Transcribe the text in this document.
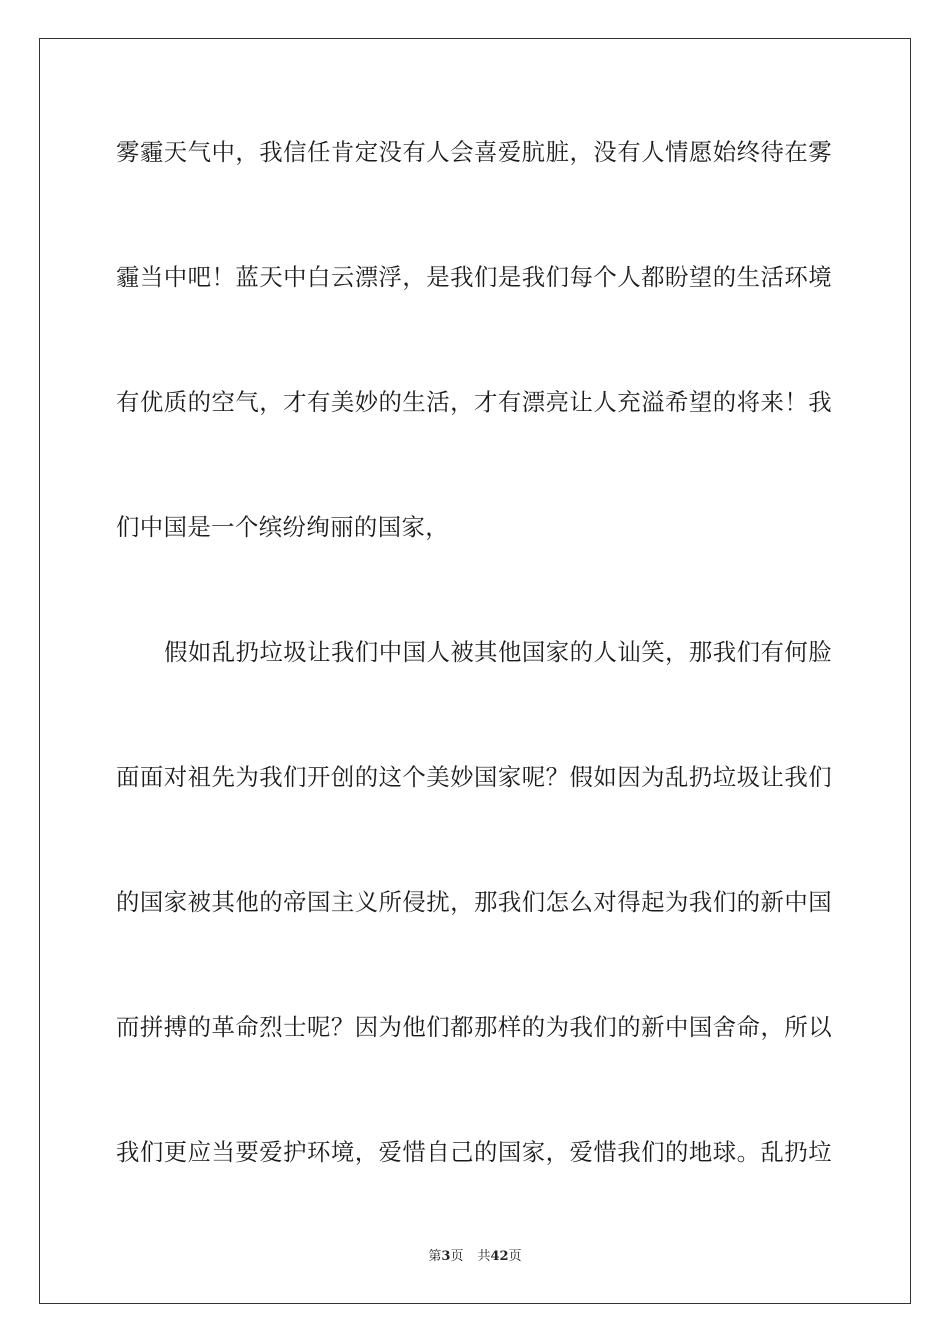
雾霾天气中，我信任肯定没有人会喜爱肮脏，没有人情愿始终待在雾
霾当中吧！蓝天中白云漂浮，是我们是我们每个人都盼望的生活环境
有优质的空气，才有美妙的生活，才有漂亮让人充溢希望的将来！我
们中国是一个缤纷绚丽的国家，
假如乱扔垃圾让我们中国人被其他国家的人讪笑，那我们有何脸
面面对祖先为我们开创的这个美妙国家呢？假如因为乱扔垃圾让我们
的国家被其他的帝国主义所侵扰，那我们怎么对得起为我们的新中国
而拼搏的革命烈士呢？因为他们都那样的为我们的新中国舍命，所以
我们更应当要爱护环境，爱惜自己的国家，爱惜我们的地球。乱扔垃
第3页 共42页
